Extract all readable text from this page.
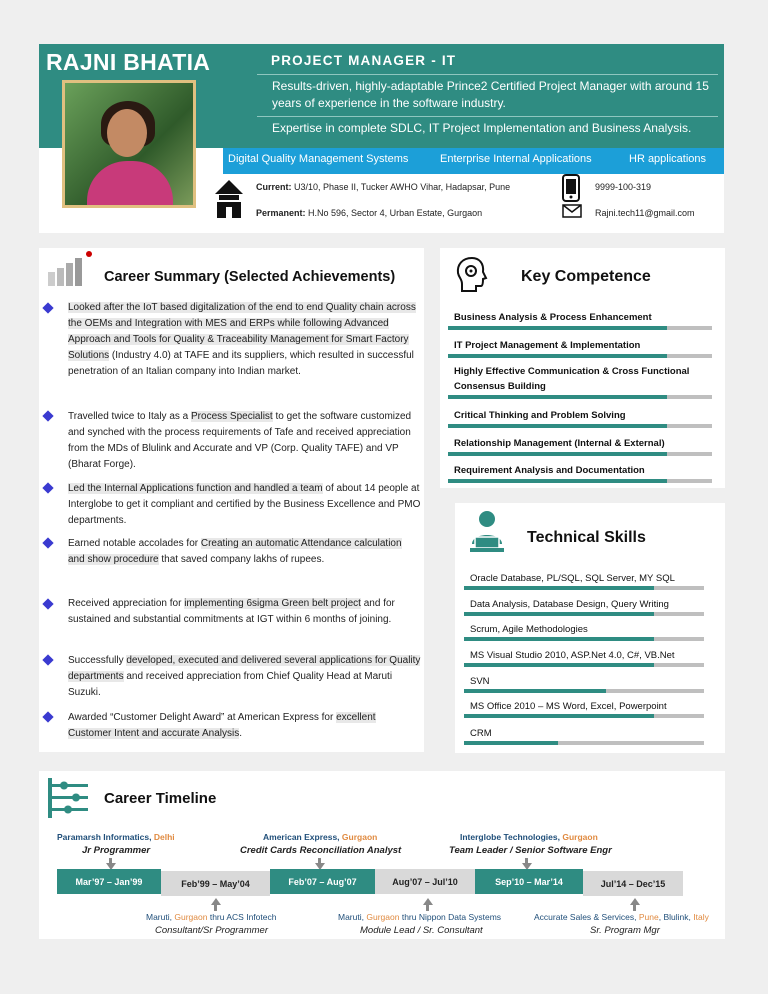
RAJNI BHATIA	PROJECT MANAGER - IT
Results-driven, highly-adaptable Prince2 Certified Project Manager with around 15 years of experience in the software industry.
Expertise in complete SDLC, IT Project Implementation and Business Analysis.
Digital Quality Management Systems	Enterprise Internal Applications	HR applications
Current: U3/10, Phase II, Tucker AWHO Vihar, Hadapsar, Pune
Permanent: H.No 596, Sector 4, Urban Estate, Gurgaon
9999-100-319
Rajni.tech11@gmail.com
Career Summary (Selected Achievements)
Looked after the IoT based digitalization of the end to end Quality chain across the OEMs and Integration with MES and ERPs while following Advanced Approach and Tools for Quality & Traceability Management for Smart Factory Solutions (Industry 4.0) at TAFE and its suppliers, which resulted in successful penetration of an Italian company into Indian market.
Travelled twice to Italy as a Process Specialist to get the software customized and synched with the process requirements of Tafe and received appreciation from the MDs of Blulink and Accurate and VP (Corp. Quality TAFE) and VP (Bharat Forge).
Led the Internal Applications function and handled a team of about 14 people at Interglobe to get it compliant and certified by the Business Excellence and PMO departments.
Earned notable accolades for Creating an automatic Attendance calculation and show procedure that saved company lakhs of rupees.
Received appreciation for implementing 6sigma Green belt project and for sustained and substantial commitments at IGT within 6 months of joining.
Successfully developed, executed and delivered several applications for Quality departments and received appreciation from Chief Quality Head at Maruti Suzuki.
Awarded “Customer Delight Award” at American Express for excellent Customer Intent and accurate Analysis.
Key Competence
Business Analysis & Process Enhancement
IT Project Management & Implementation
Highly Effective Communication & Cross Functional Consensus Building
Critical Thinking and Problem Solving
Relationship Management (Internal & External)
Requirement Analysis and Documentation
Technical Skills
Oracle Database, PL/SQL, SQL Server, MY SQL
Data Analysis, Database Design, Query Writing
Scrum, Agile Methodologies
MS Visual Studio 2010, ASP.Net 4.0, C#, VB.Net
SVN
MS Office 2010 – MS Word, Excel, Powerpoint
CRM
Career Timeline
Paramarsh Informatics, Delhi
Jr Programmer
American Express, Gurgaon
Credit Cards Reconciliation Analyst
Interglobe Technologies, Gurgaon
Team Leader / Senior Software Engr
Mar’97 – Jan’99	Feb’99 – May’04	Feb’07 – Aug’07	Aug’07 – Jul’10	Sep’10 – Mar’14	Jul’14 – Dec’15
Maruti, Gurgaon thru ACS Infotech
Consultant/Sr Programmer
Maruti, Gurgaon thru Nippon Data Systems
Module Lead / Sr. Consultant
Accurate Sales & Services, Pune, Blulink, Italy
Sr. Program Mgr
